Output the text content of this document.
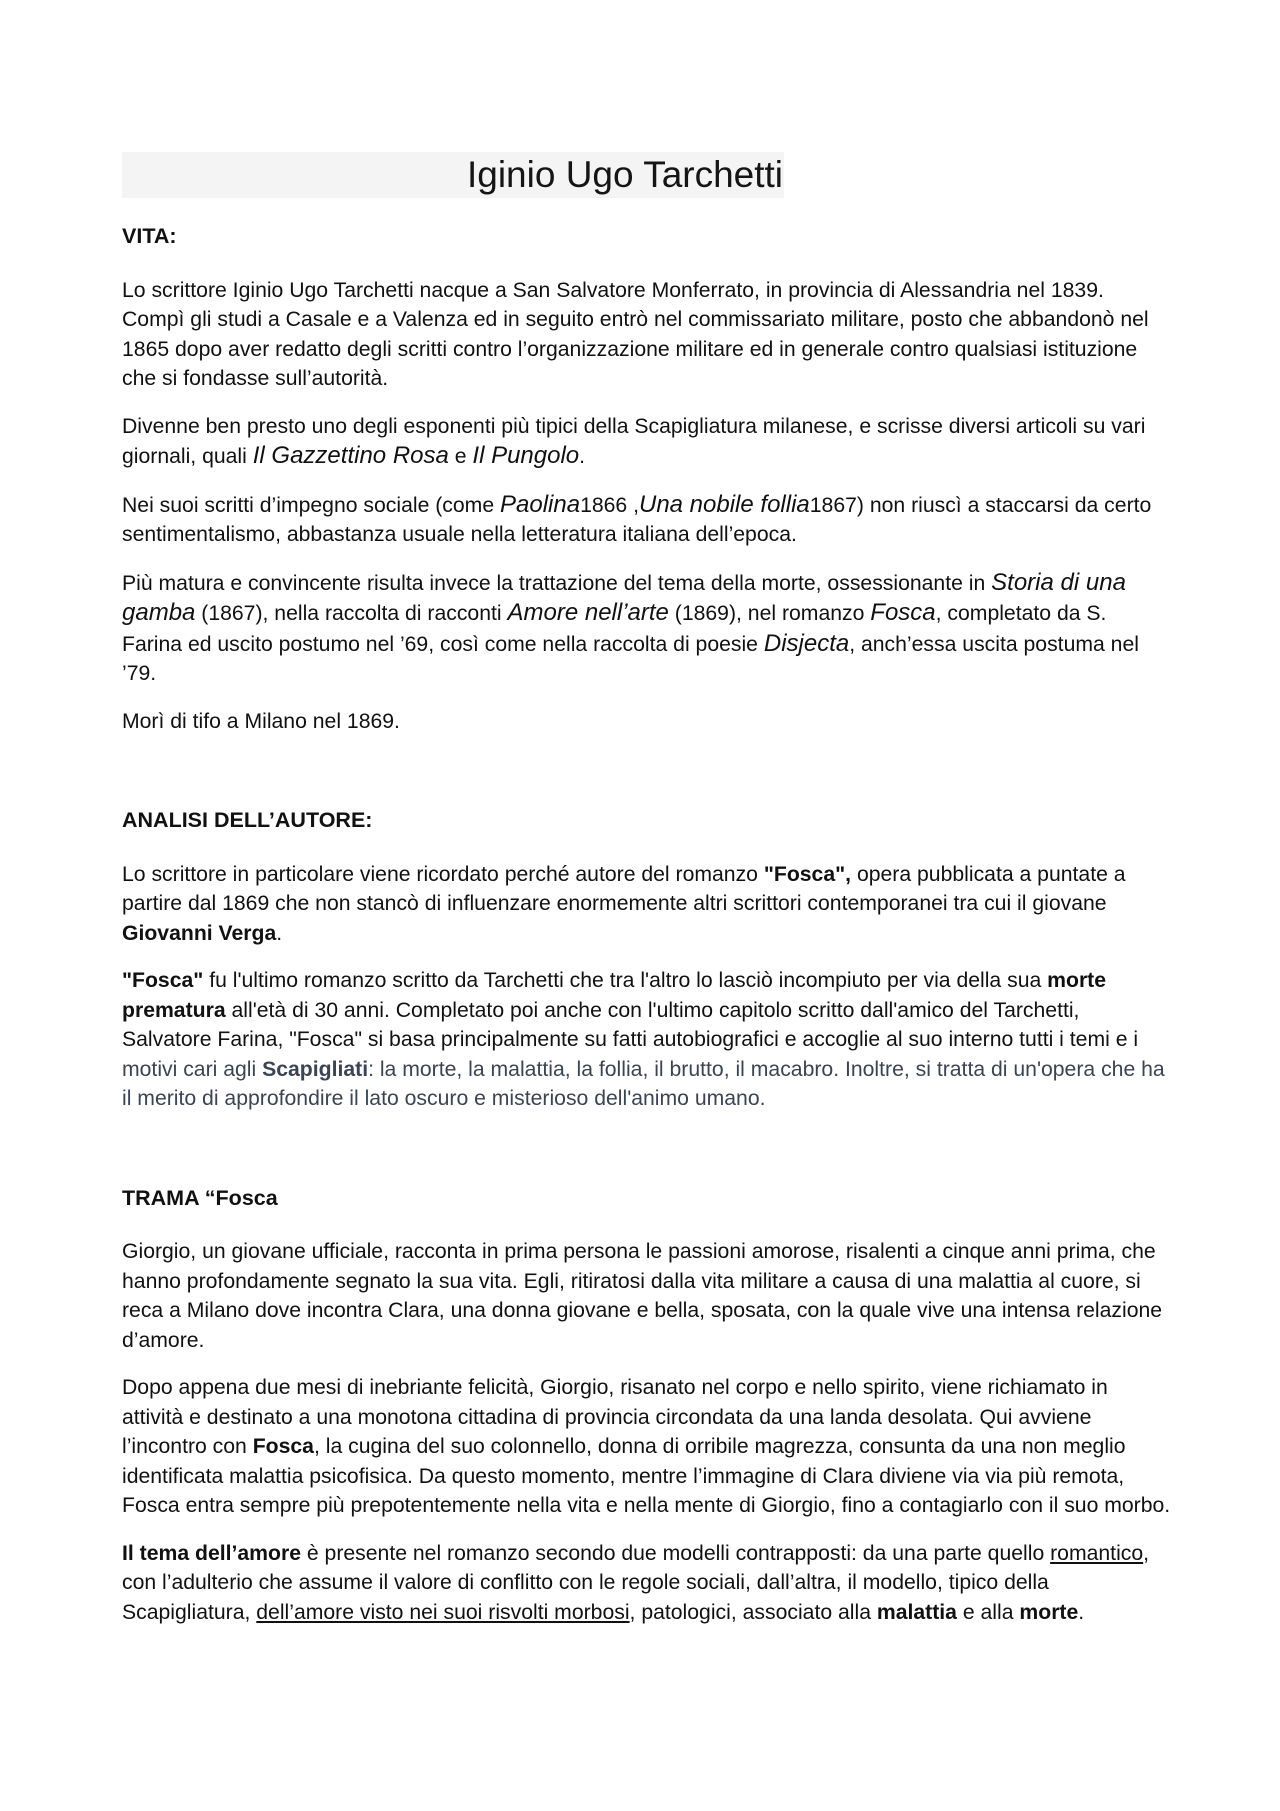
Iginio Ugo Tarchetti
VITA:

Lo scrittore Iginio Ugo Tarchetti nacque a San Salvatore Monferrato, in provincia di Alessandria nel 1839. Compì gli studi a Casale e a Valenza ed in seguito entrò nel commissariato militare, posto che abbandonò nel 1865 dopo aver redatto degli scritti contro l’organizzazione militare ed in generale contro qualsiasi istituzione che si fondasse sull’autorità.

Divenne ben presto uno degli esponenti più tipici della Scapigliatura milanese, e scrisse diversi articoli su vari giornali, quali Il Gazzettino Rosa e Il Pungolo.

Nei suoi scritti d’impegno sociale (come Paolina1866 ,Una nobile follia1867) non riuscì a staccarsi da certo sentimentalismo, abbastanza usuale nella letteratura italiana dell’epoca.

Più matura e convincente risulta invece la trattazione del tema della morte, ossessionante in Storia di una gamba (1867), nella raccolta di racconti Amore nell’arte (1869), nel romanzo Fosca, completato da S. Farina ed uscito postumo nel ’69, così come nella raccolta di poesie Disjecta, anch’essa uscita postuma nel ’79.

Morì di tifo a Milano nel 1869.

ANALISI DELL’AUTORE:

Lo scrittore in particolare viene ricordato perché autore del romanzo "Fosca", opera pubblicata a puntate a partire dal 1869 che non stancò di influenzare enormemente altri scrittori contemporanei tra cui il giovane Giovanni Verga.

"Fosca" fu l'ultimo romanzo scritto da Tarchetti che tra l'altro lo lasciò incompiuto per via della sua morte prematura all'età di 30 anni. Completato poi anche con l'ultimo capitolo scritto dall'amico del Tarchetti, Salvatore Farina, "Fosca" si basa principalmente su fatti autobiografici e accoglie al suo interno tutti i temi e i motivi cari agli Scapigliati: la morte, la malattia, la follia, il brutto, il macabro. Inoltre, si tratta di un'opera che ha il merito di approfondire il lato oscuro e misterioso dell'animo umano.

TRAMA “Fosca

Giorgio, un giovane ufficiale, racconta in prima persona le passioni amorose, risalenti a cinque anni prima, che hanno profondamente segnato la sua vita. Egli, ritiratosi dalla vita militare a causa di una malattia al cuore, si reca a Milano dove incontra Clara, una donna giovane e bella, sposata, con la quale vive una intensa relazione d’amore.

Dopo appena due mesi di inebriante felicità, Giorgio, risanato nel corpo e nello spirito, viene richiamato in attività e destinato a una monotona cittadina di provincia circondata da una landa desolata. Qui avviene l’incontro con Fosca, la cugina del suo colonnello, donna di orribile magrezza, consunta da una non meglio identificata malattia psicofisica. Da questo momento, mentre l’immagine di Clara diviene via via più remota, Fosca entra sempre più prepotentemente nella vita e nella mente di Giorgio, fino a contagiarlo con il suo morbo.

Il tema dell’amore è presente nel romanzo secondo due modelli contrapposti: da una parte quello romantico, con l’adulterio che assume il valore di conflitto con le regole sociali, dall’altra, il modello, tipico della Scapigliatura, dell’amore visto nei suoi risvolti morbosi, patologici, associato alla malattia e alla morte.
